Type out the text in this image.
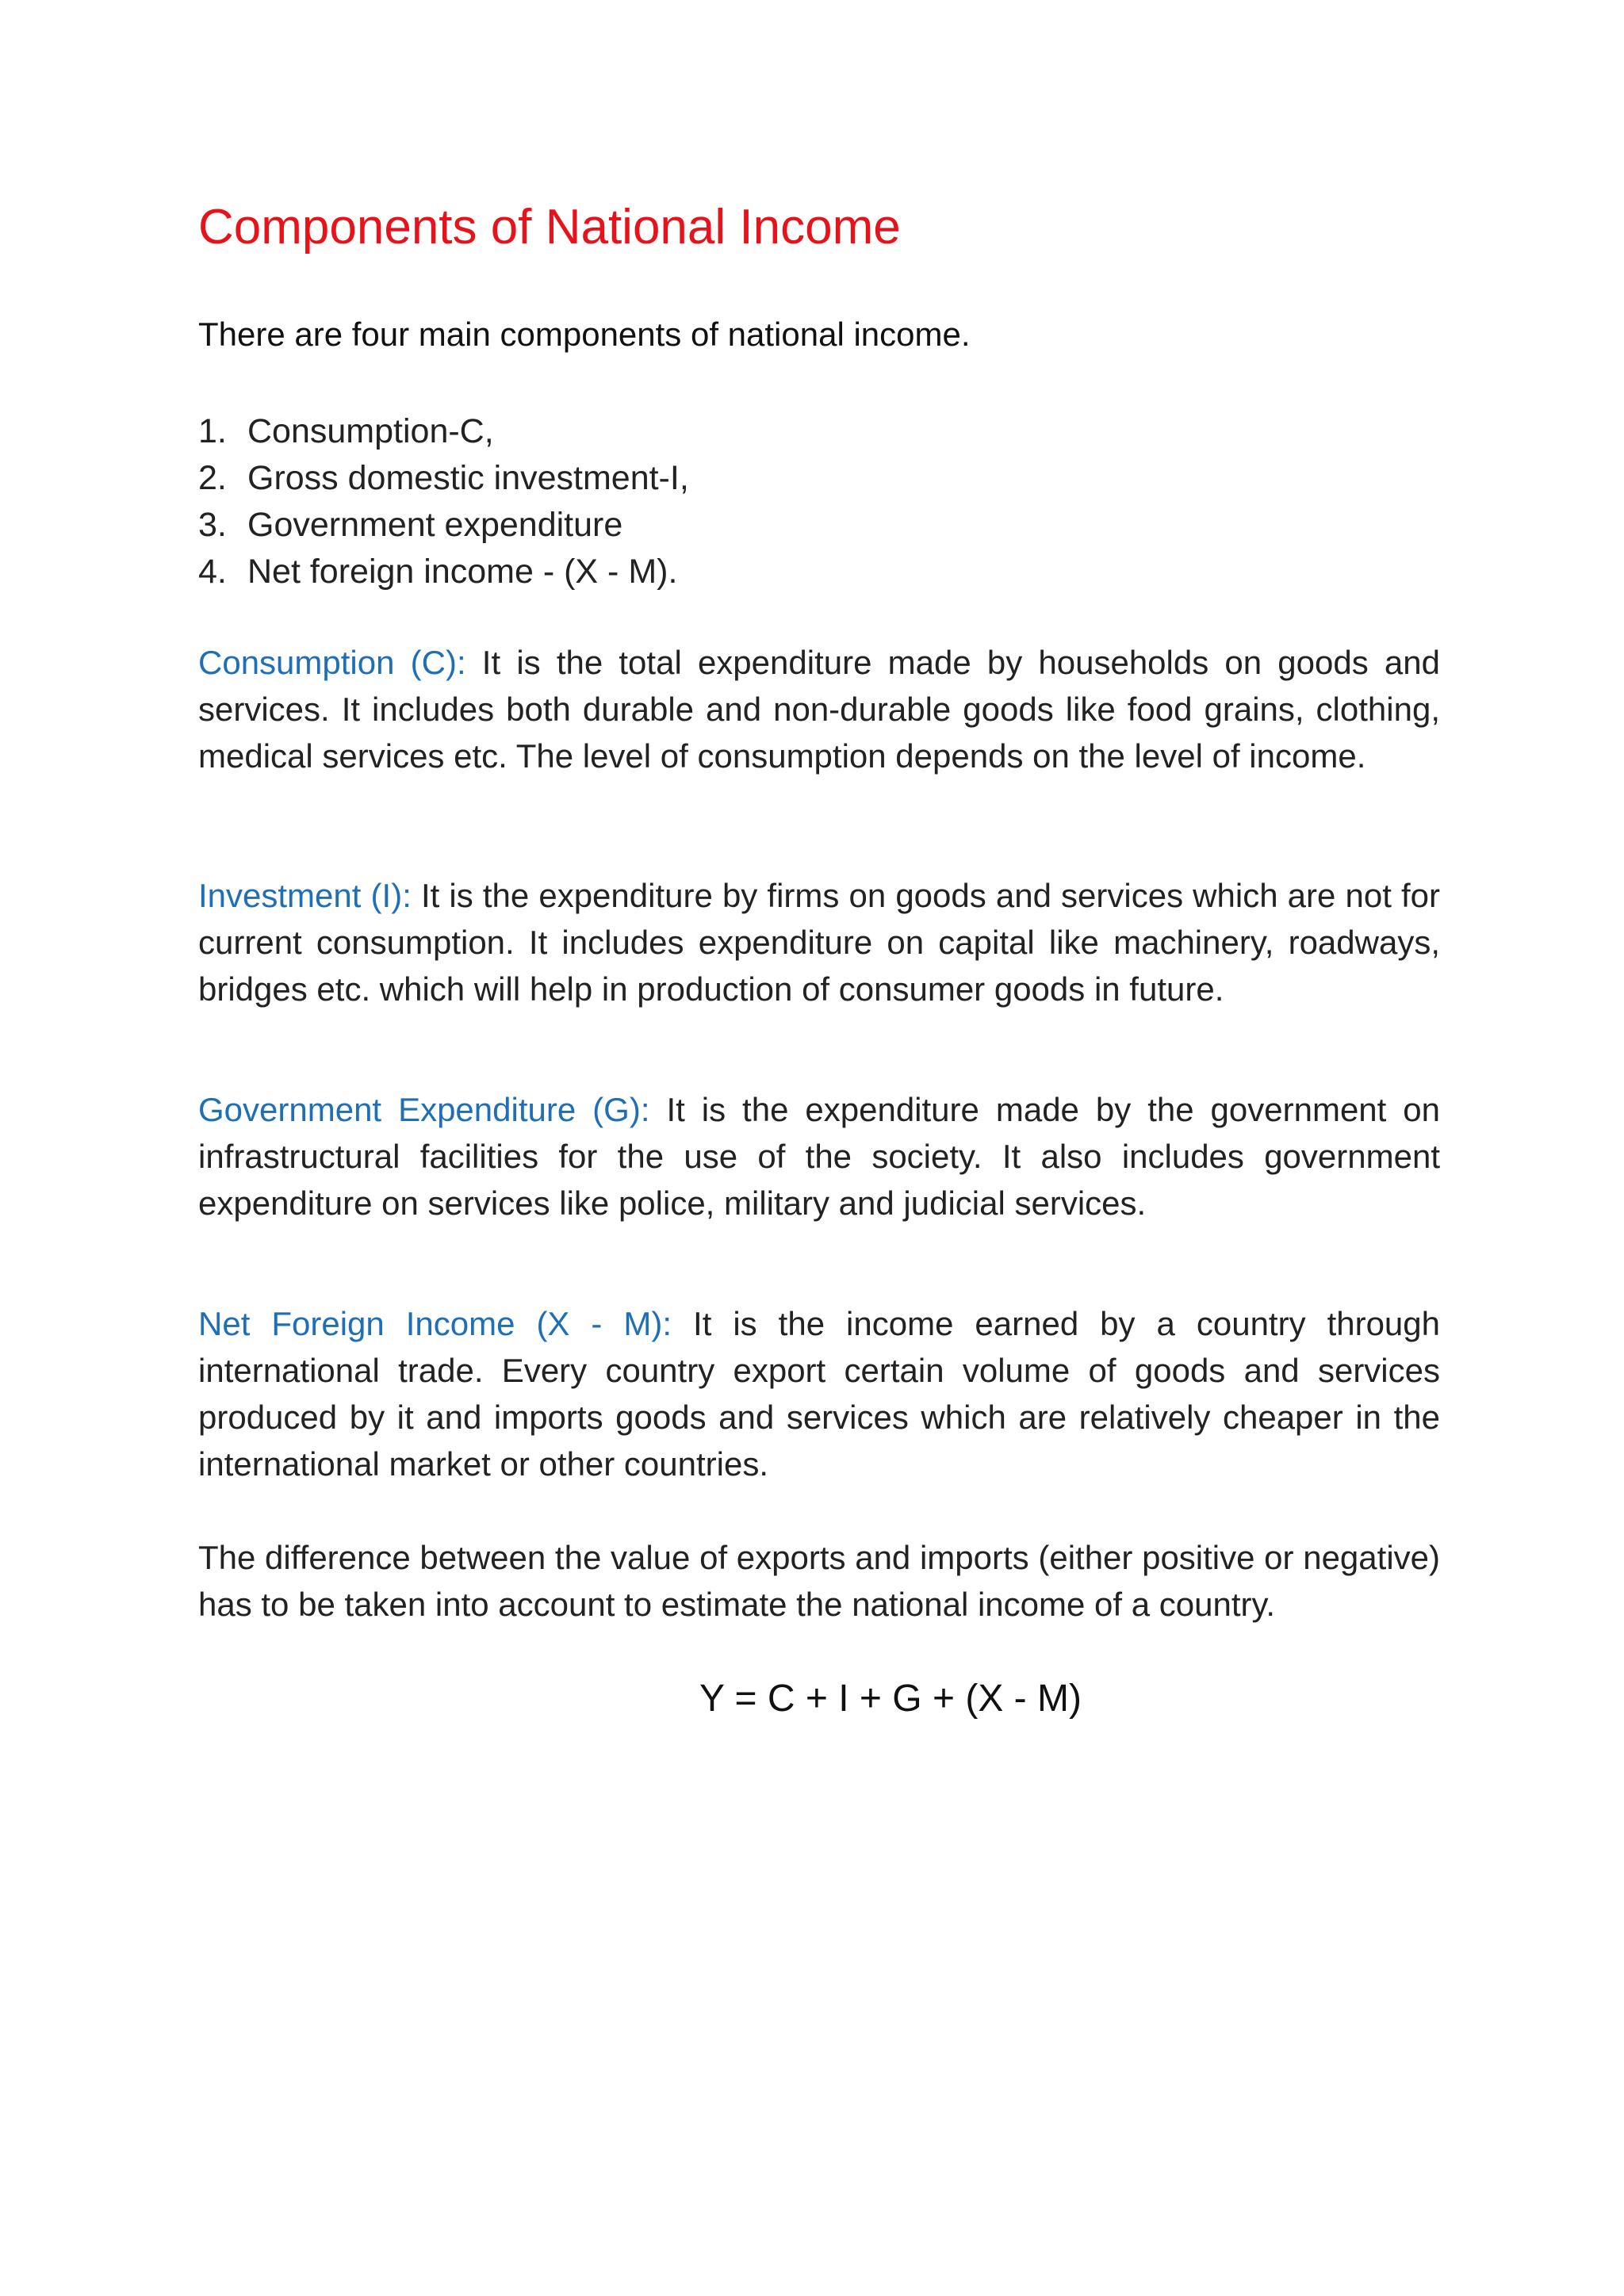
Components of National Income

There are four main components of national income.

1. Consumption-C,
2. Gross domestic investment-I,
3. Government expenditure
4. Net foreign income - (X - M).

Consumption (C): It is the total expenditure made by households on goods and services. It includes both durable and non-durable goods like food grains, clothing, medical services etc. The level of consumption depends on the level of income.

Investment (I): It is the expenditure by firms on goods and services which are not for current consumption. It includes expenditure on capital like machinery, roadways, bridges etc. which will help in production of consumer goods in future.

Government Expenditure (G): It is the expenditure made by the government on infrastructural facilities for the use of the society. It also includes government expenditure on services like police, military and judicial services.

Net Foreign Income (X - M): It is the income earned by a country through international trade. Every country export certain volume of goods and services produced by it and imports goods and services which are relatively cheaper in the international market or other countries.

The difference between the value of exports and imports (either positive or negative) has to be taken into account to estimate the national income of a country.

Y = C + I + G + (X - M)
